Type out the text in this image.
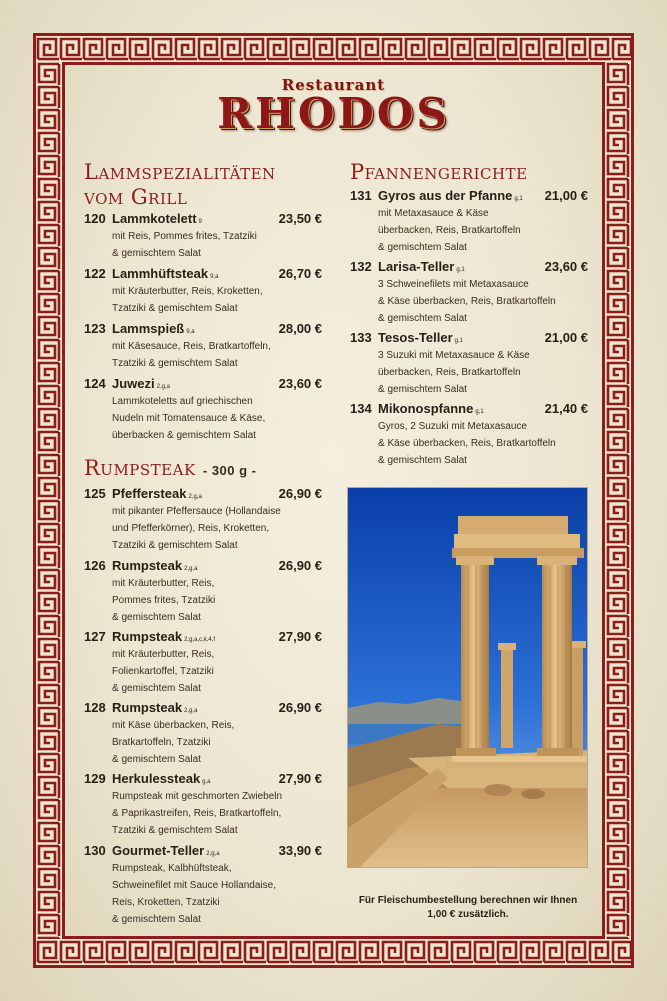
Restaurant
RHODOS
Lammspezialitäten
vom Grill
Rumpsteak - 300 g -
Pfannengerichte
120 Lammkotelett 9	23,50 €
mit Reis, Pommes frites, Tzatziki
& gemischtem Salat
122 Lammhüftsteak 9,a	26,70 €
mit Kräuterbutter, Reis, Kroketten,
Tzatziki & gemischtem Salat
123 Lammspieß 9,a	28,00 €
mit Käsesauce, Reis, Bratkartoffeln,
Tzatziki & gemischtem Salat
124 Juwezi 2,g,a	23,60 €
Lammkoteletts auf griechischen
Nudeln mit Tomatensauce & Käse,
überbacken & gemischtem Salat
125 Pfeffersteak 2,g,a	26,90 €
mit pikanter Pfeffersauce (Hollandaise
und Pfefferkörner), Reis, Kroketten,
Tzatziki & gemischtem Salat
126 Rumpsteak 2,g,a	26,90 €
mit Kräuterbutter, Reis,
Pommes frites, Tzatziki
& gemischtem Salat
127 Rumpsteak 2,g,a,c,k,4,f	27,90 €
mit Kräuterbutter, Reis,
Folienkartoffel, Tzatziki
& gemischtem Salat
128 Rumpsteak 2,g,a	26,90 €
mit Käse überbacken, Reis,
Bratkartoffeln, Tzatziki
& gemischtem Salat
129 Herkulessteak g,a	27,90 €
Rumpsteak mit geschmorten Zwiebeln
& Paprikastreifen, Reis, Bratkartoffeln,
Tzatziki & gemischtem Salat
130 Gourmet-Teller 2,g,a	33,90 €
Rumpsteak, Kalbhüftsteak,
Schweinefilet mit Sauce Hollandaise,
Reis, Kroketten, Tzatziki
& gemischtem Salat
131 Gyros aus der Pfanne g,1 21,00 €
mit Metaxasauce & Käse
überbacken, Reis, Bratkartoffeln
& gemischtem Salat
132 Larisa-Teller g,1	23,60 €
3 Schweinefilets mit Metaxasauce
& Käse überbacken, Reis, Bratkartoffeln
& gemischtem Salat
133 Tesos-Teller g,1	21,00 €
3 Suzuki mit Metaxasauce & Käse
überbacken, Reis, Bratkartoffeln
& gemischtem Salat
134 Mikonospfanne g,1	21,40 €
Gyros, 2 Suzuki mit Metaxasauce
& Käse überbacken, Reis, Bratkartoffeln
& gemischtem Salat
Für Fleischumbestellung berechnen wir Ihnen
1,00 € zusätzlich.
